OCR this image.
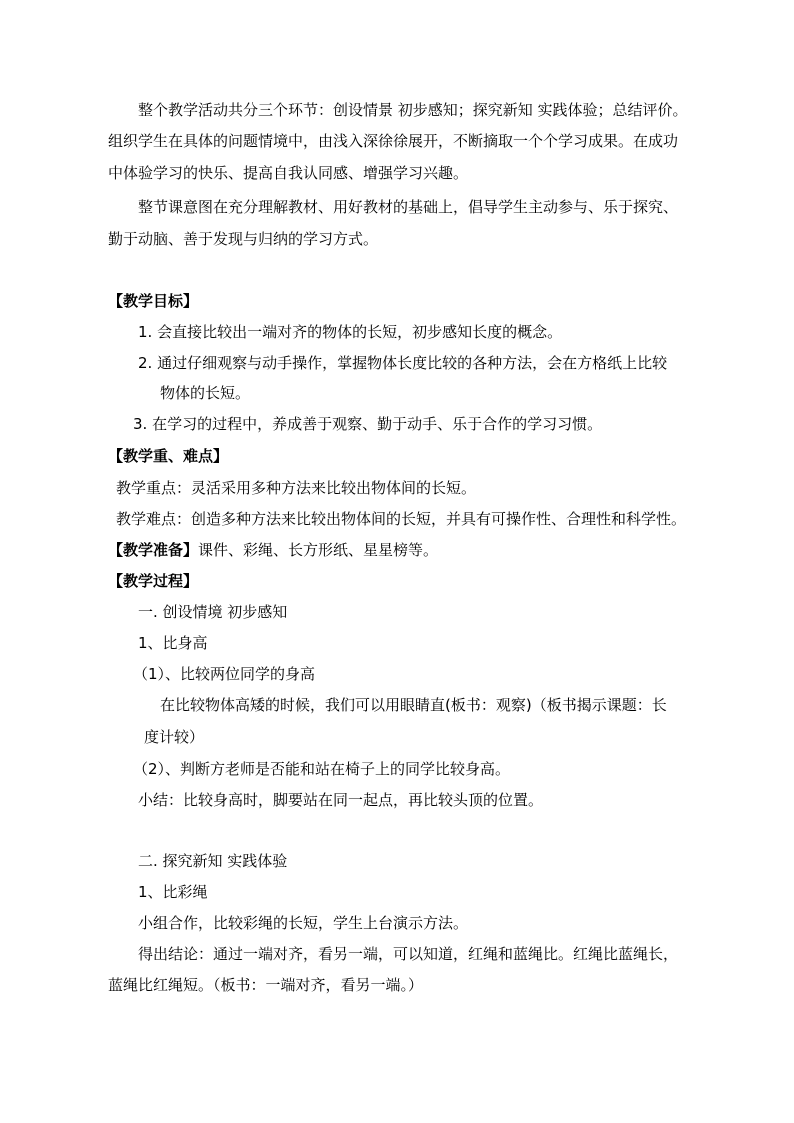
整个教学活动共分三个环节：创设情景 初步感知；探究新知 实践体验；总结评价。
组织学生在具体的问题情境中，由浅入深徐徐展开，不断摘取一个个学习成果。在成功
中体验学习的快乐、提高自我认同感、增强学习兴趣。
整节课意图在充分理解教材、用好教材的基础上，倡导学生主动参与、乐于探究、
勤于动脑、善于发现与归纳的学习方式。
【教学目标】
1. 会直接比较出一端对齐的物体的长短，初步感知长度的概念。
2. 通过仔细观察与动手操作，掌握物体长度比较的各种方法，会在方格纸上比较
物体的长短。
3. 在学习的过程中，养成善于观察、勤于动手、乐于合作的学习习惯。
【教学重、难点】
教学重点：灵活采用多种方法来比较出物体间的长短。
教学难点：创造多种方法来比较出物体间的长短，并具有可操作性、合理性和科学性。
【教学准备】课件、彩绳、长方形纸、星星榜等。
【教学过程】
一. 创设情境 初步感知
1、比身高
（1）、比较两位同学的身高
在比较物体高矮的时候，我们可以用眼睛直(板书：观察)（板书揭示课题：长
度计较）
（2）、判断方老师是否能和站在椅子上的同学比较身高。
小结：比较身高时，脚要站在同一起点，再比较头顶的位置。
二. 探究新知 实践体验
1、比彩绳
小组合作，比较彩绳的长短，学生上台演示方法。
得出结论：通过一端对齐，看另一端，可以知道，红绳和蓝绳比。红绳比蓝绳长，
蓝绳比红绳短。（板书：一端对齐，看另一端。）
